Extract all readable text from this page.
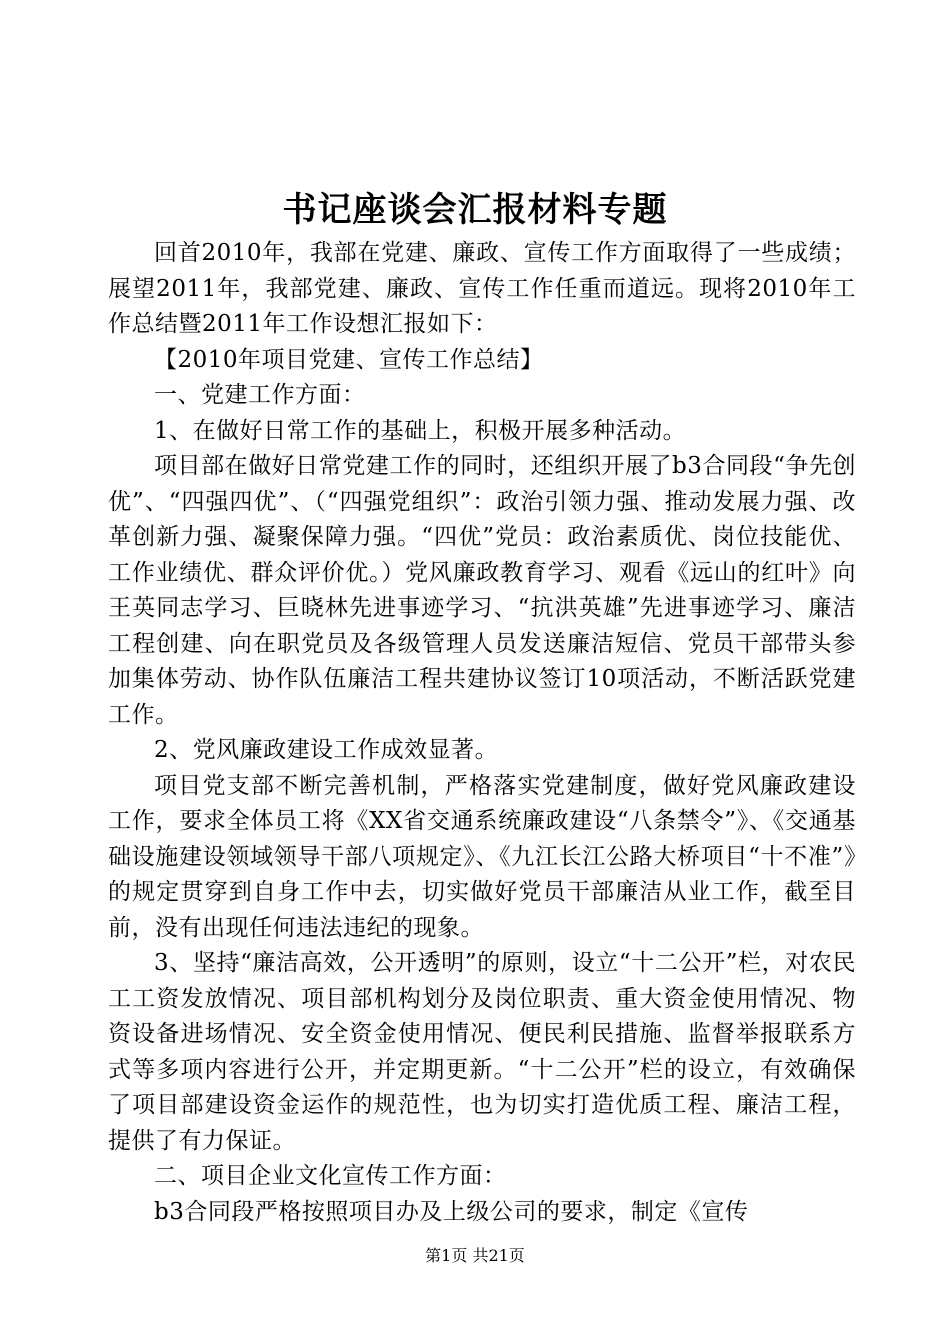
书记座谈会汇报材料专题

回首2010年，我部在党建、廉政、宣传工作方面取得了一些成绩；展望2011年，我部党建、廉政、宣传工作任重而道远。现将2010年工作总结暨2011年工作设想汇报如下：

【2010年项目党建、宣传工作总结】

一、党建工作方面：

1、在做好日常工作的基础上，积极开展多种活动。

项目部在做好日常党建工作的同时，还组织开展了b3合同段“争先创优”、“四强四优”、（“四强党组织”：政治引领力强、推动发展力强、改革创新力强、凝聚保障力强。“四优”党员：政治素质优、岗位技能优、工作业绩优、群众评价优。）党风廉政教育学习、观看《远山的红叶》向王英同志学习、巨晓林先进事迹学习、“抗洪英雄”先进事迹学习、廉洁工程创建、向在职党员及各级管理人员发送廉洁短信、党员干部带头参加集体劳动、协作队伍廉洁工程共建协议签订10项活动，不断活跃党建工作。

2、党风廉政建设工作成效显著。

项目党支部不断完善机制，严格落实党建制度，做好党风廉政建设工作，要求全体员工将《XX省交通系统廉政建设“八条禁令”》、《交通基础设施建设领域领导干部八项规定》、《九江长江公路大桥项目“十不准”》的规定贯穿到自身工作中去，切实做好党员干部廉洁从业工作，截至目前，没有出现任何违法违纪的现象。

3、坚持“廉洁高效，公开透明”的原则，设立“十二公开”栏，对农民工工资发放情况、项目部机构划分及岗位职责、重大资金使用情况、物资设备进场情况、安全资金使用情况、便民利民措施、监督举报联系方式等多项内容进行公开，并定期更新。“十二公开”栏的设立，有效确保了项目部建设资金运作的规范性，也为切实打造优质工程、廉洁工程，提供了有力保证。

二、项目企业文化宣传工作方面：

b3合同段严格按照项目办及上级公司的要求，制定《宣传

第1页 共21页
